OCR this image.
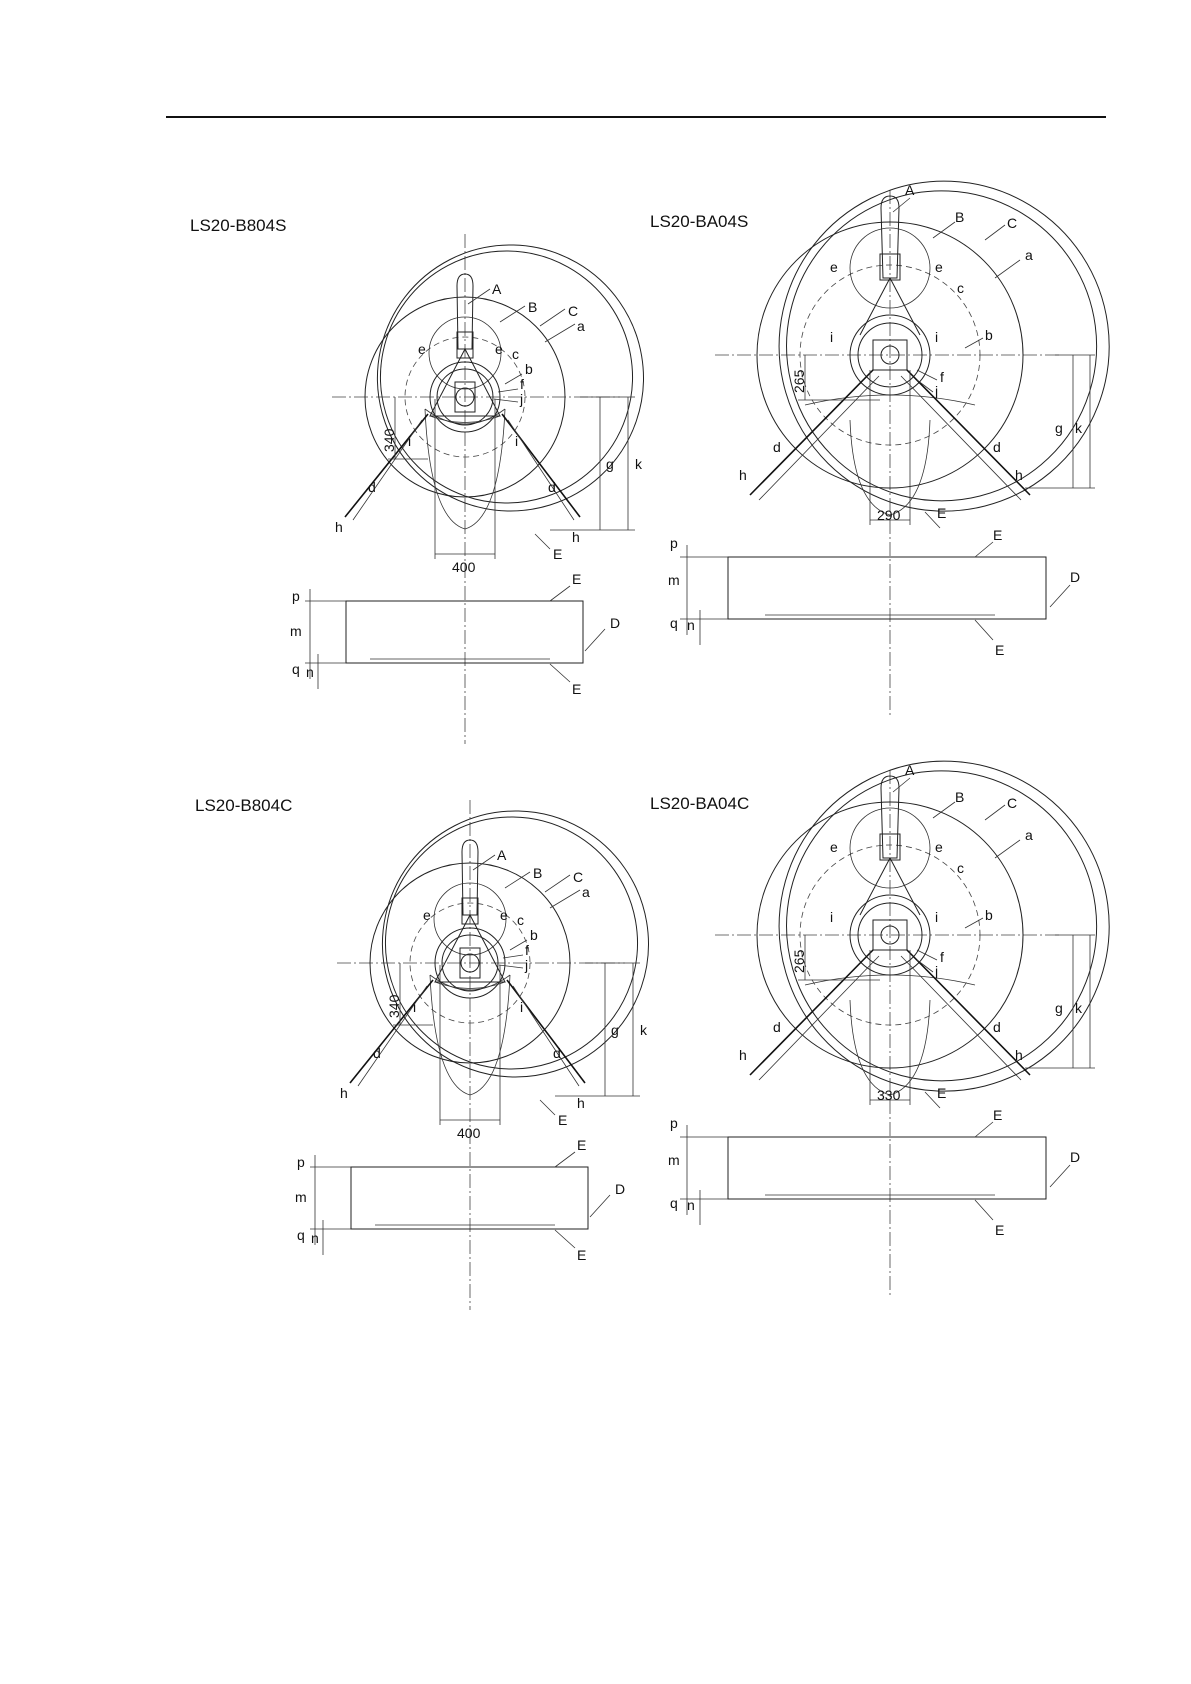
LS20-B804S
A
B C
a
b
c
f
j
e	e
i	i
d	d
h
h
E
g k
340
400
p
m
q n
E
E
D
LS20-BA04S
A
B	C
a
b
c
f
j
e	e
i	i
d	d
h	h
E
g k
265
290
p
m
q n
E
E
D
LS20-B804C
A
B C
a
b
c
f
j
e	e
i	i
d	d
h
h
E
g k
340
400
p
m
q n
E
E
D
LS20-BA04C
A
B	C
a
b
c
f
j
e	e
i	i
d	d
h	h
E
g k
265
330
p
m
q n
E
E
D
